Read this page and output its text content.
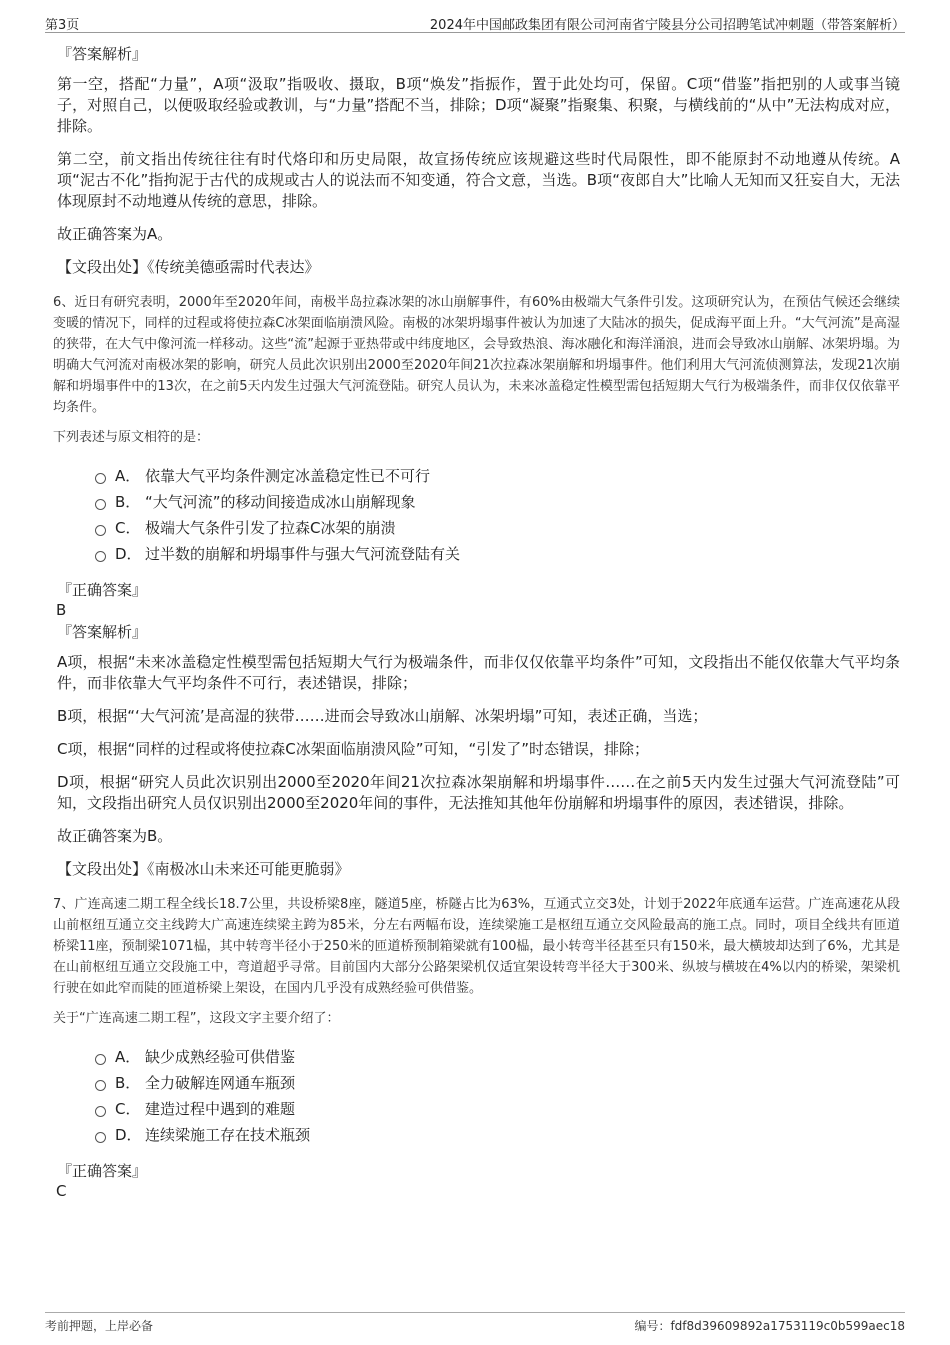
第3页	2024年中国邮政集团有限公司河南省宁陵县分公司招聘笔试冲刺题（带答案解析）

『答案解析』

第一空，搭配“力量”，A项“汲取”指吸收、摄取，B项“焕发”指振作，置于此处均可，保留。C项“借鉴”指把别的人或事当镜子，对照自己，以便吸取经验或教训，与“力量”搭配不当，排除；D项“凝聚”指聚集、积聚，与横线前的“从中”无法构成对应，排除。

第二空，前文指出传统往往有时代烙印和历史局限，故宣扬传统应该规避这些时代局限性，即不能原封不动地遵从传统。A项“泥古不化”指拘泥于古代的成规或古人的说法而不知变通，符合文意，当选。B项“夜郎自大”比喻人无知而又狂妄自大，无法体现原封不动地遵从传统的意思，排除。

故正确答案为A。

【文段出处】《传统美德亟需时代表达》

6、近日有研究表明，2000年至2020年间，南极半岛拉森冰架的冰山崩解事件，有60%由极端大气条件引发。这项研究认为，在预估气候还会继续变暖的情况下，同样的过程或将使拉森C冰架面临崩溃风险。南极的冰架坍塌事件被认为加速了大陆冰的损失，促成海平面上升。“大气河流”是高湿的狭带，在大气中像河流一样移动。这些“流”起源于亚热带或中纬度地区，会导致热浪、海冰融化和海洋涌浪，进而会导致冰山崩解、冰架坍塌。为明确大气河流对南极冰架的影响，研究人员此次识别出2000至2020年间21次拉森冰架崩解和坍塌事件。他们利用大气河流侦测算法，发现21次崩解和坍塌事件中的13次，在之前5天内发生过强大气河流登陆。研究人员认为，未来冰盖稳定性模型需包括短期大气行为极端条件，而非仅仅依靠平均条件。

下列表述与原文相符的是：

A． 依靠大气平均条件测定冰盖稳定性已不可行
B． “大气河流”的移动间接造成冰山崩解现象
C． 极端大气条件引发了拉森C冰架的崩溃
D． 过半数的崩解和坍塌事件与强大气河流登陆有关

『正确答案』

B

『答案解析』

A项，根据“未来冰盖稳定性模型需包括短期大气行为极端条件，而非仅仅依靠平均条件”可知，文段指出不能仅依靠大气平均条件，而非依靠大气平均条件不可行，表述错误，排除；

B项，根据“‘大气河流’是高湿的狭带……进而会导致冰山崩解、冰架坍塌”可知，表述正确，当选；

C项，根据“同样的过程或将使拉森C冰架面临崩溃风险”可知，“引发了”时态错误，排除；

D项，根据“研究人员此次识别出2000至2020年间21次拉森冰架崩解和坍塌事件……在之前5天内发生过强大气河流登陆”可知，文段指出研究人员仅识别出2000至2020年间的事件，无法推知其他年份崩解和坍塌事件的原因，表述错误，排除。

故正确答案为B。

【文段出处】《南极冰山未来还可能更脆弱》

7、广连高速二期工程全线长18.7公里，共设桥梁8座，隧道5座，桥隧占比为63%，互通式立交3处，计划于2022年底通车运营。广连高速花从段山前枢纽互通立交主线跨大广高速连续梁主跨为85米，分左右两幅布设，连续梁施工是枢纽互通立交风险最高的施工点。同时，项目全线共有匝道桥梁11座，预制梁1071榀，其中转弯半径小于250米的匝道桥预制箱梁就有100榀，最小转弯半径甚至只有150米，最大横坡却达到了6%，尤其是在山前枢纽互通立交段施工中，弯道超乎寻常。目前国内大部分公路架梁机仅适宜架设转弯半径大于300米、纵坡与横坡在4%以内的桥梁，架梁机行驶在如此窄而陡的匝道桥梁上架设，在国内几乎没有成熟经验可供借鉴。

关于“广连高速二期工程”，这段文字主要介绍了：

A． 缺少成熟经验可供借鉴
B． 全力破解连网通车瓶颈
C． 建造过程中遇到的难题
D． 连续梁施工存在技术瓶颈

『正确答案』

C

考前押题，上岸必备	编号：fdf8d39609892a1753119c0b599aec18
